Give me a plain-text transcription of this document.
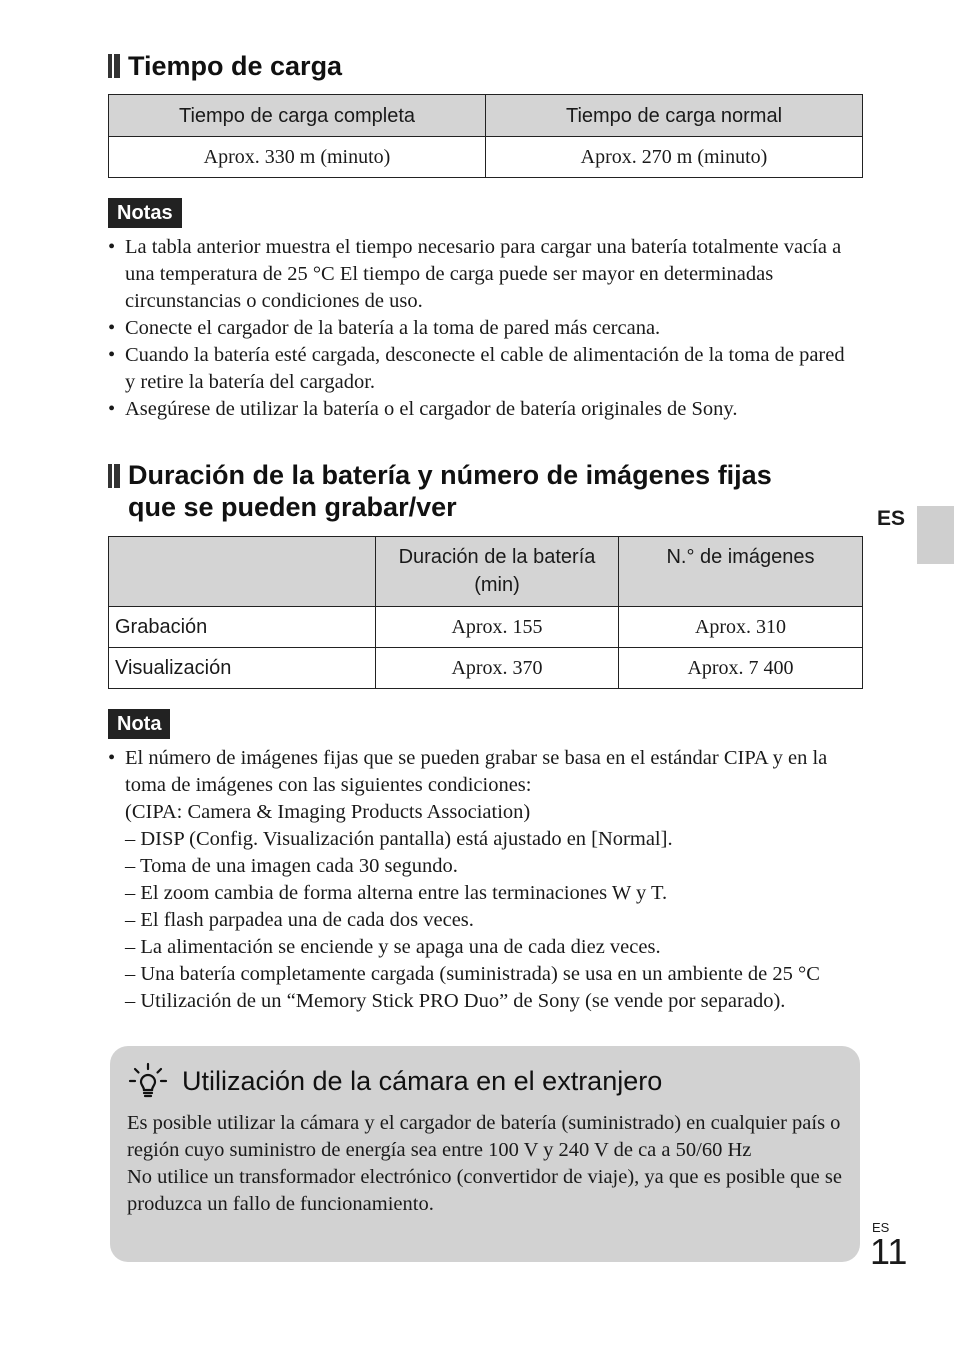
Tiempo de carga
Tiempo de carga completa	Tiempo de carga normal
Aprox. 330 m (minuto)	Aprox. 270 m (minuto)
Notas
• La tabla anterior muestra el tiempo necesario para cargar una batería totalmente vacía a una temperatura de 25 °C El tiempo de carga puede ser mayor en determinadas circunstancias o condiciones de uso.
• Conecte el cargador de la batería a la toma de pared más cercana.
• Cuando la batería esté cargada, desconecte el cable de alimentación de la toma de pared y retire la batería del cargador.
• Asegúrese de utilizar la batería o el cargador de batería originales de Sony.
Duración de la batería y número de imágenes fijas
que se pueden grabar/ver	ES
	Duración de la batería (min)	N.° de imágenes
Grabación	Aprox. 155	Aprox. 310
Visualización	Aprox. 370	Aprox. 7 400
Nota
• El número de imágenes fijas que se pueden grabar se basa en el estándar CIPA y en la toma de imágenes con las siguientes condiciones:
(CIPA: Camera & Imaging Products Association)
– DISP (Config. Visualización pantalla) está ajustado en [Normal].
– Toma de una imagen cada 30 segundo.
– El zoom cambia de forma alterna entre las terminaciones W y T.
– El flash parpadea una de cada dos veces.
– La alimentación se enciende y se apaga una de cada diez veces.
– Una batería completamente cargada (suministrada) se usa en un ambiente de 25 °C
– Utilización de un “Memory Stick PRO Duo” de Sony (se vende por separado).
Utilización de la cámara en el extranjero
Es posible utilizar la cámara y el cargador de batería (suministrado) en cualquier país o región cuyo suministro de energía sea entre 100 V y 240 V de ca a 50/60 Hz
No utilice un transformador electrónico (convertidor de viaje), ya que es posible que se produzca un fallo de funcionamiento.
ES
11
